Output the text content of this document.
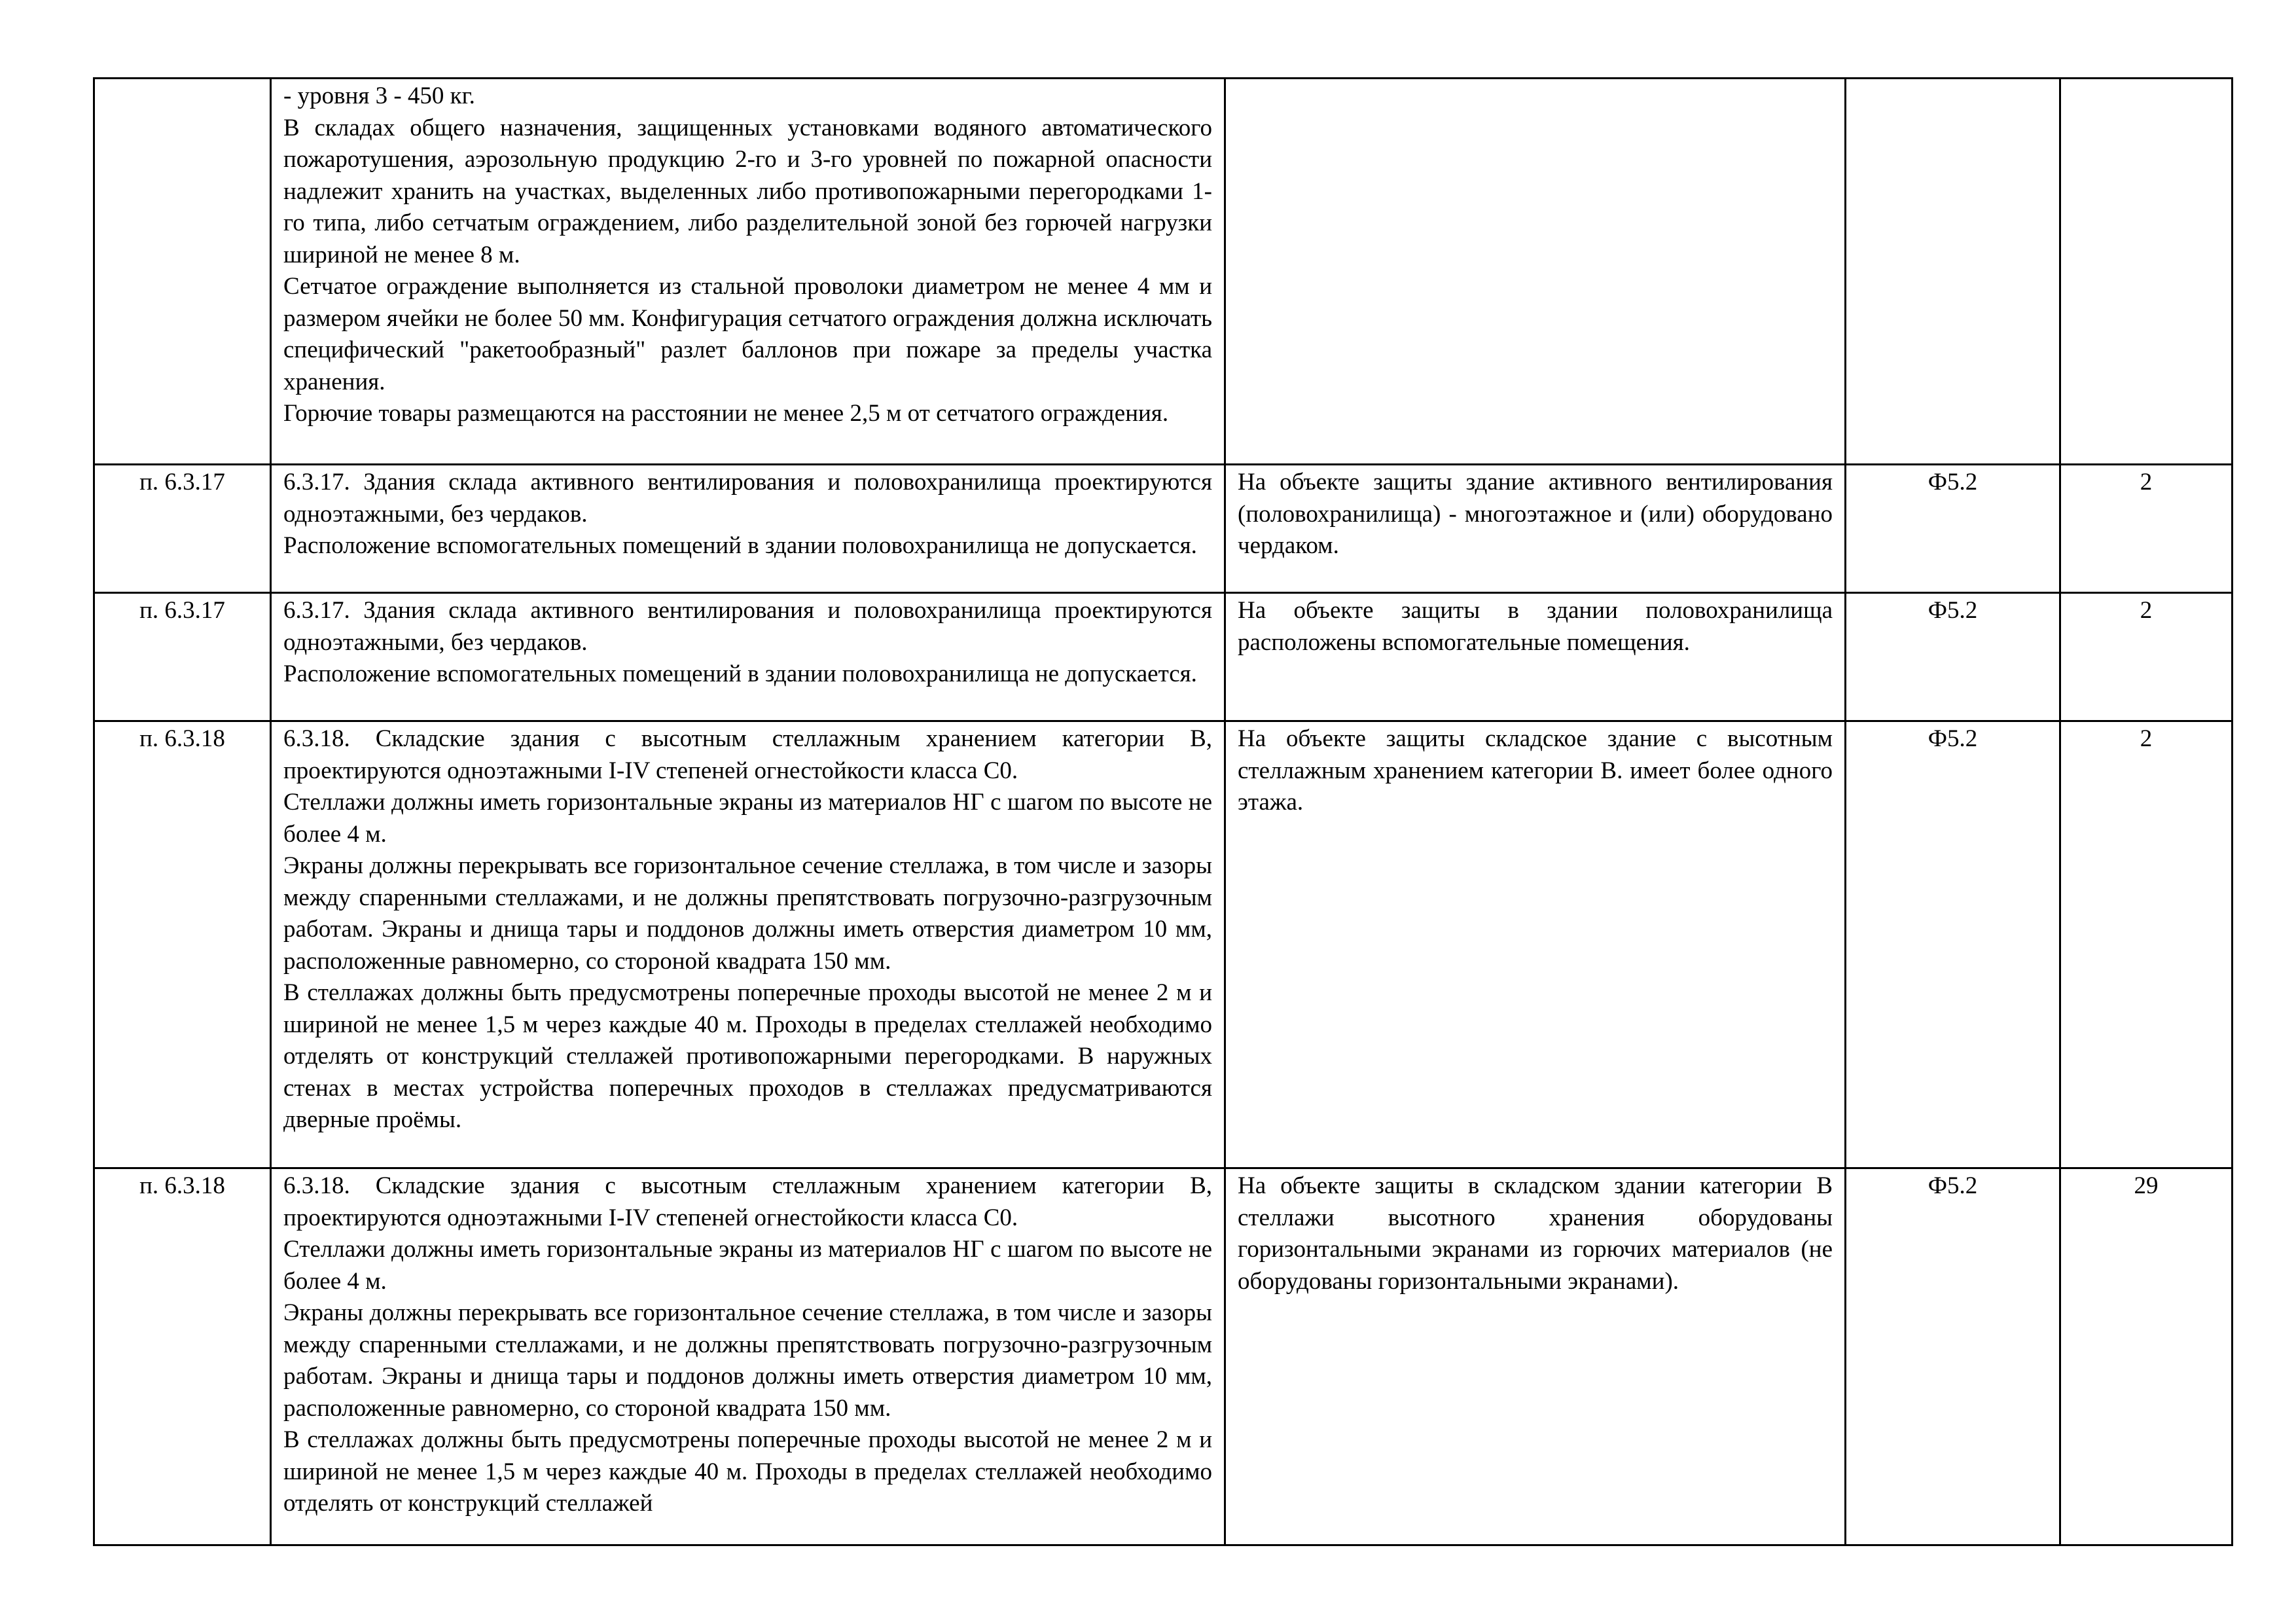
	- уровня 3 - 450 кг.
В складах общего назначения, защищенных установками водяного автоматического пожаротушения, аэрозольную продукцию 2-го и 3-го уровней по пожарной опасности надлежит хранить на участках, выделенных либо противопожарными перегородками 1-го типа, либо сетчатым ограждением, либо разделительной зоной без горючей нагрузки шириной не менее 8 м.
Сетчатое ограждение выполняется из стальной проволоки диаметром не менее 4 мм и размером ячейки не более 50 мм. Конфигурация сетчатого ограждения должна исключать специфический "ракетообразный" разлет баллонов при пожаре за пределы участка хранения.
Горючие товары размещаются на расстоянии не менее 2,5 м от сетчатого ограждения.			

п. 6.3.17	6.3.17. Здания склада активного вентилирования и половохранилища проектируются одноэтажными, без чердаков.
Расположение вспомогательных помещений в здании половохранилища не допускается.	На объекте защиты здание активного вентилирования (половохранилища) - многоэтажное и (или) оборудовано чердаком.	Ф5.2	2
п. 6.3.17	6.3.17. Здания склада активного вентилирования и половохранилища проектируются одноэтажными, без чердаков.
Расположение вспомогательных помещений в здании половохранилища не допускается.	На объекте защиты в здании половохранилища расположены вспомогательные помещения.	Ф5.2	2
п. 6.3.18	6.3.18. Складские здания с высотным стеллажным хранением категории В, проектируются одноэтажными I-IV степеней огнестойкости класса С0.
Стеллажи должны иметь горизонтальные экраны из материалов НГ с шагом по высоте не более 4 м.
Экраны должны перекрывать все горизонтальное сечение стеллажа, в том числе и зазоры между спаренными стеллажами, и не должны препятствовать погрузочно-разгрузочным работам. Экраны и днища тары и поддонов должны иметь отверстия диаметром 10 мм, расположенные равномерно, со стороной квадрата 150 мм.
В стеллажах должны быть предусмотрены поперечные проходы высотой не менее 2 м и шириной не менее 1,5 м через каждые 40 м. Проходы в пределах стеллажей необходимо отделять от конструкций стеллажей противопожарными перегородками. В наружных стенах в местах устройства поперечных проходов в стеллажах предусматриваются дверные проёмы.	На объекте защиты складское здание с высотным стеллажным хранением категории В. имеет более одного этажа.	Ф5.2	2
п. 6.3.18	6.3.18. Складские здания с высотным стеллажным хранением категории В, проектируются одноэтажными I-IV степеней огнестойкости класса С0.
Стеллажи должны иметь горизонтальные экраны из материалов НГ с шагом по высоте не более 4 м.
Экраны должны перекрывать все горизонтальное сечение стеллажа, в том числе и зазоры между спаренными стеллажами, и не должны препятствовать погрузочно-разгрузочным работам. Экраны и днища тары и поддонов должны иметь отверстия диаметром 10 мм, расположенные равномерно, со стороной квадрата 150 мм.
В стеллажах должны быть предусмотрены поперечные проходы высотой не менее 2 м и шириной не менее 1,5 м через каждые 40 м. Проходы в пределах стеллажей необходимо отделять от конструкций стеллажей	На объекте защиты в складском здании категории В стеллажи высотного хранения оборудованы горизонтальными экранами из горючих материалов (не оборудованы горизонтальными экранами).	Ф5.2	29
